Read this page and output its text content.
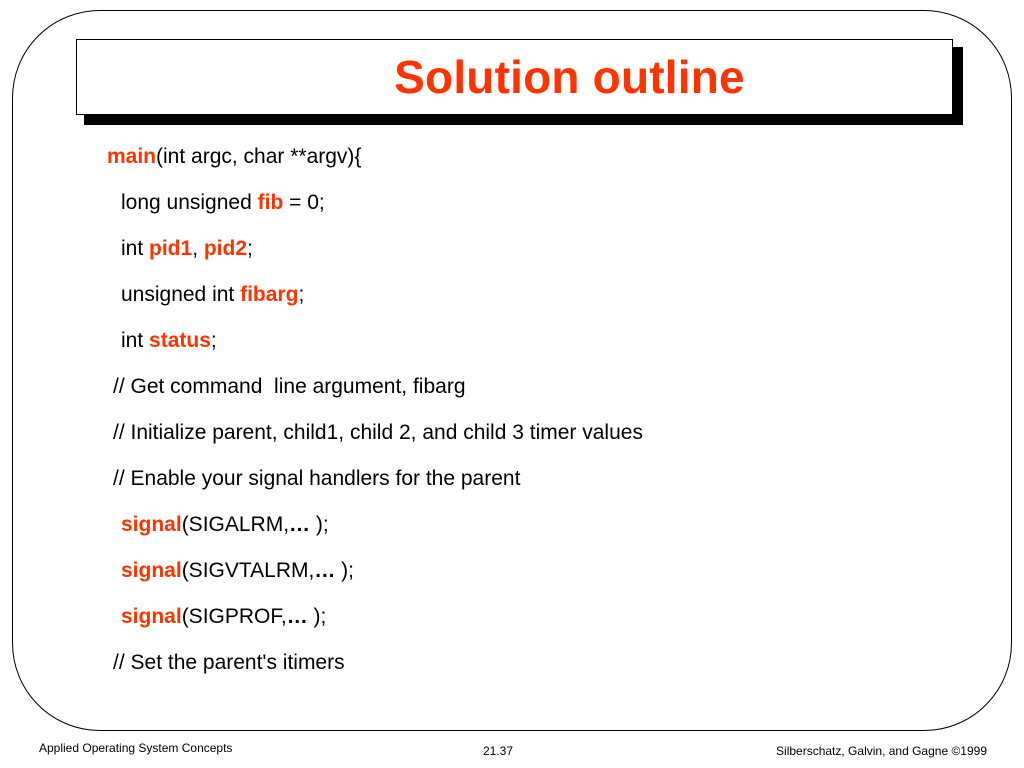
Solution outline
main(int argc, char **argv){
long unsigned fib = 0;
int pid1, pid2;
unsigned int fibarg;
int status;
// Get command  line argument, fibarg
// Initialize parent, child1, child 2, and child 3 timer values
// Enable your signal handlers for the parent
signal(SIGALRM,… );
signal(SIGVTALRM,… );
signal(SIGPROF,… );
// Set the parent's itimers
Applied Operating System Concepts	21.37	Silberschatz, Galvin, and Gagne ©1999
